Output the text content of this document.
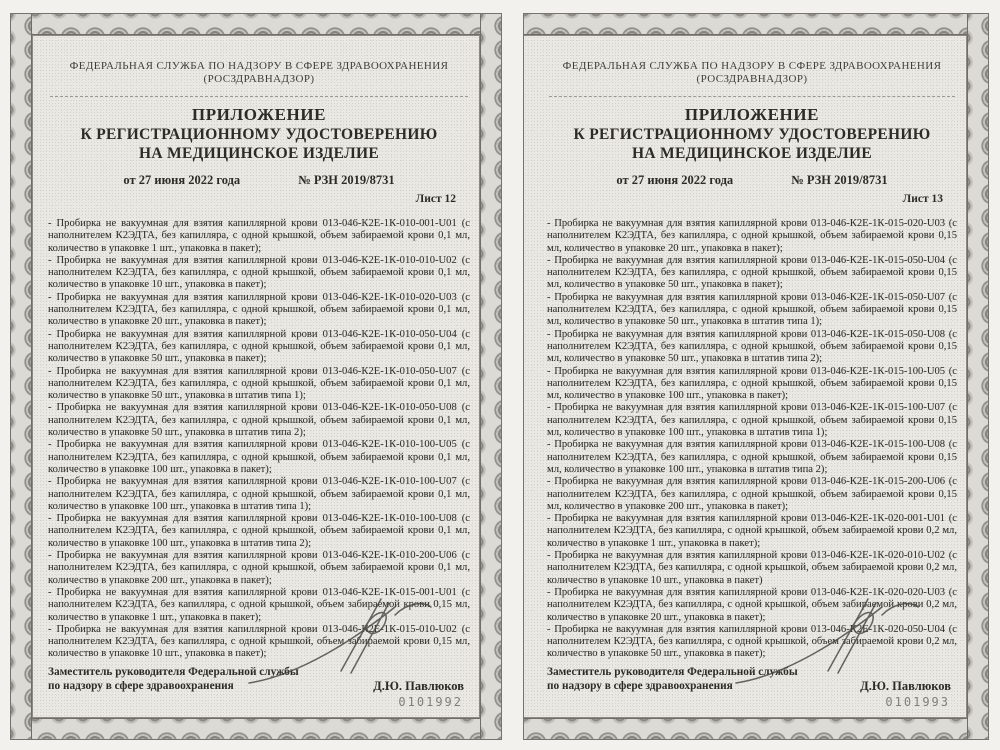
ФЕДЕРАЛЬНАЯ СЛУЖБА ПО НАДЗОРУ В СФЕРЕ ЗДРАВООХРАНЕНИЯ
(РОСЗДРАВНАДЗОР)
ПРИЛОЖЕНИЕ
К РЕГИСТРАЦИОННОМУ УДОСТОВЕРЕНИЮ
НА МЕДИЦИНСКОЕ ИЗДЕЛИЕ
от 27 июня 2022 года	№ РЗН 2019/8731
Лист 12
- Пробирка не вакуумная для взятия капиллярной крови 013-046-К2Е-1К-010-001-U01 (с наполнителем К2ЭДТА, без капилляра, с одной крышкой, объем забираемой крови 0,1 мл, количество в упаковке 1 шт., упаковка в пакет);
- Пробирка не вакуумная для взятия капиллярной крови 013-046-К2Е-1К-010-010-U02 (с наполнителем К2ЭДТА, без капилляра, с одной крышкой, объем забираемой крови 0,1 мл, количество в упаковке 10 шт., упаковка в пакет);
- Пробирка не вакуумная для взятия капиллярной крови 013-046-К2Е-1К-010-020-U03 (с наполнителем К2ЭДТА, без капилляра, с одной крышкой, объем забираемой крови 0,1 мл, количество в упаковке 20 шт., упаковка в пакет);
- Пробирка не вакуумная для взятия капиллярной крови 013-046-К2Е-1К-010-050-U04 (с наполнителем К2ЭДТА, без капилляра, с одной крышкой, объем забираемой крови 0,1 мл, количество в упаковке 50 шт., упаковка в пакет);
- Пробирка не вакуумная для взятия капиллярной крови 013-046-К2Е-1К-010-050-U07 (с наполнителем К2ЭДТА, без капилляра, с одной крышкой, объем забираемой крови 0,1 мл, количество в упаковке 50 шт., упаковка в штатив типа 1);
- Пробирка не вакуумная для взятия капиллярной крови 013-046-К2Е-1К-010-050-U08 (с наполнителем К2ЭДТА, без капилляра, с одной крышкой, объем забираемой крови 0,1 мл, количество в упаковке 50 шт., упаковка в штатив типа 2);
- Пробирка не вакуумная для взятия капиллярной крови 013-046-К2Е-1К-010-100-U05 (с наполнителем К2ЭДТА, без капилляра, с одной крышкой, объем забираемой крови 0,1 мл, количество в упаковке 100 шт., упаковка в пакет);
- Пробирка не вакуумная для взятия капиллярной крови 013-046-К2Е-1К-010-100-U07 (с наполнителем К2ЭДТА, без капилляра, с одной крышкой, объем забираемой крови 0,1 мл, количество в упаковке 100 шт., упаковка в штатив типа 1);
- Пробирка не вакуумная для взятия капиллярной крови 013-046-К2Е-1К-010-100-U08 (с наполнителем К2ЭДТА, без капилляра, с одной крышкой, объем забираемой крови 0,1 мл, количество в упаковке 100 шт., упаковка в штатив типа 2);
- Пробирка не вакуумная для взятия капиллярной крови 013-046-К2Е-1К-010-200-U06 (с наполнителем К2ЭДТА, без капилляра, с одной крышкой, объем забираемой крови 0,1 мл, количество в упаковке 200 шт., упаковка в пакет);
- Пробирка не вакуумная для взятия капиллярной крови 013-046-К2Е-1К-015-001-U01 (с наполнителем К2ЭДТА, без капилляра, с одной крышкой, объем забираемой крови 0,15 мл, количество в упаковке 1 шт., упаковка в пакет);
- Пробирка не вакуумная для взятия капиллярной крови 013-046-К2Е-1К-015-010-U02 (с наполнителем К2ЭДТА, без капилляра, с одной крышкой, объем забираемой крови 0,15 мл, количество в упаковке 10 шт., упаковка в пакет);
Заместитель руководителя Федеральной службы
по надзору в сфере здравоохранения	Д.Ю. Павлюков
0101992
ФЕДЕРАЛЬНАЯ СЛУЖБА ПО НАДЗОРУ В СФЕРЕ ЗДРАВООХРАНЕНИЯ
(РОСЗДРАВНАДЗОР)
ПРИЛОЖЕНИЕ
К РЕГИСТРАЦИОННОМУ УДОСТОВЕРЕНИЮ
НА МЕДИЦИНСКОЕ ИЗДЕЛИЕ
от 27 июня 2022 года	№ РЗН 2019/8731
Лист 13
- Пробирка не вакуумная для взятия капиллярной крови 013-046-К2Е-1К-015-020-U03 (с наполнителем К2ЭДТА, без капилляра, с одной крышкой, объем забираемой крови 0,15 мл, количество в упаковке 20 шт., упаковка в пакет);
- Пробирка не вакуумная для взятия капиллярной крови 013-046-К2Е-1К-015-050-U04 (с наполнителем К2ЭДТА, без капилляра, с одной крышкой, объем забираемой крови 0,15 мл, количество в упаковке 50 шт., упаковка в пакет);
- Пробирка не вакуумная для взятия капиллярной крови 013-046-К2Е-1К-015-050-U07 (с наполнителем К2ЭДТА, без капилляра, с одной крышкой, объем забираемой крови 0,15 мл, количество в упаковке 50 шт., упаковка в штатив типа 1);
- Пробирка не вакуумная для взятия капиллярной крови 013-046-К2Е-1К-015-050-U08 (с наполнителем К2ЭДТА, без капилляра, с одной крышкой, объем забираемой крови 0,15 мл, количество в упаковке 50 шт., упаковка в штатив типа 2);
- Пробирка не вакуумная для взятия капиллярной крови 013-046-К2Е-1К-015-100-U05 (с наполнителем К2ЭДТА, без капилляра, с одной крышкой, объем забираемой крови 0,15 мл, количество в упаковке 100 шт., упаковка в пакет);
- Пробирка не вакуумная для взятия капиллярной крови 013-046-К2Е-1К-015-100-U07 (с наполнителем К2ЭДТА, без капилляра, с одной крышкой, объем забираемой крови 0,15 мл, количество в упаковке 100 шт., упаковка в штатив типа 1);
- Пробирка не вакуумная для взятия капиллярной крови 013-046-К2Е-1К-015-100-U08 (с наполнителем К2ЭДТА, без капилляра, с одной крышкой, объем забираемой крови 0,15 мл, количество в упаковке 100 шт., упаковка в штатив типа 2);
- Пробирка не вакуумная для взятия капиллярной крови 013-046-К2Е-1К-015-200-U06 (с наполнителем К2ЭДТА, без капилляра, с одной крышкой, объем забираемой крови 0,15 мл, количество в упаковке 200 шт., упаковка в пакет);
- Пробирка не вакуумная для взятия капиллярной крови 013-046-К2Е-1К-020-001-U01 (с наполнителем К2ЭДТА, без капилляра, с одной крышкой, объем забираемой крови 0,2 мл, количество в упаковке 1 шт., упаковка в пакет);
- Пробирка не вакуумная для взятия капиллярной крови 013-046-К2Е-1К-020-010-U02 (с наполнителем К2ЭДТА, без капилляра, с одной крышкой, объем забираемой крови 0,2 мл, количество в упаковке 10 шт., упаковка в пакет)
- Пробирка не вакуумная для взятия капиллярной крови 013-046-К2Е-1К-020-020-U03 (с наполнителем К2ЭДТА, без капилляра, с одной крышкой, объем забираемой крови 0,2 мл, количество в упаковке 20 шт., упаковка в пакет);
- Пробирка не вакуумная для взятия капиллярной крови 013-046-К2Е-1К-020-050-U04 (с наполнителем К2ЭДТА, без капилляра, с одной крышкой, объем забираемой крови 0,2 мл, количество в упаковке 50 шт., упаковка в пакет);
Заместитель руководителя Федеральной службы
по надзору в сфере здравоохранения	Д.Ю. Павлюков
0101993
